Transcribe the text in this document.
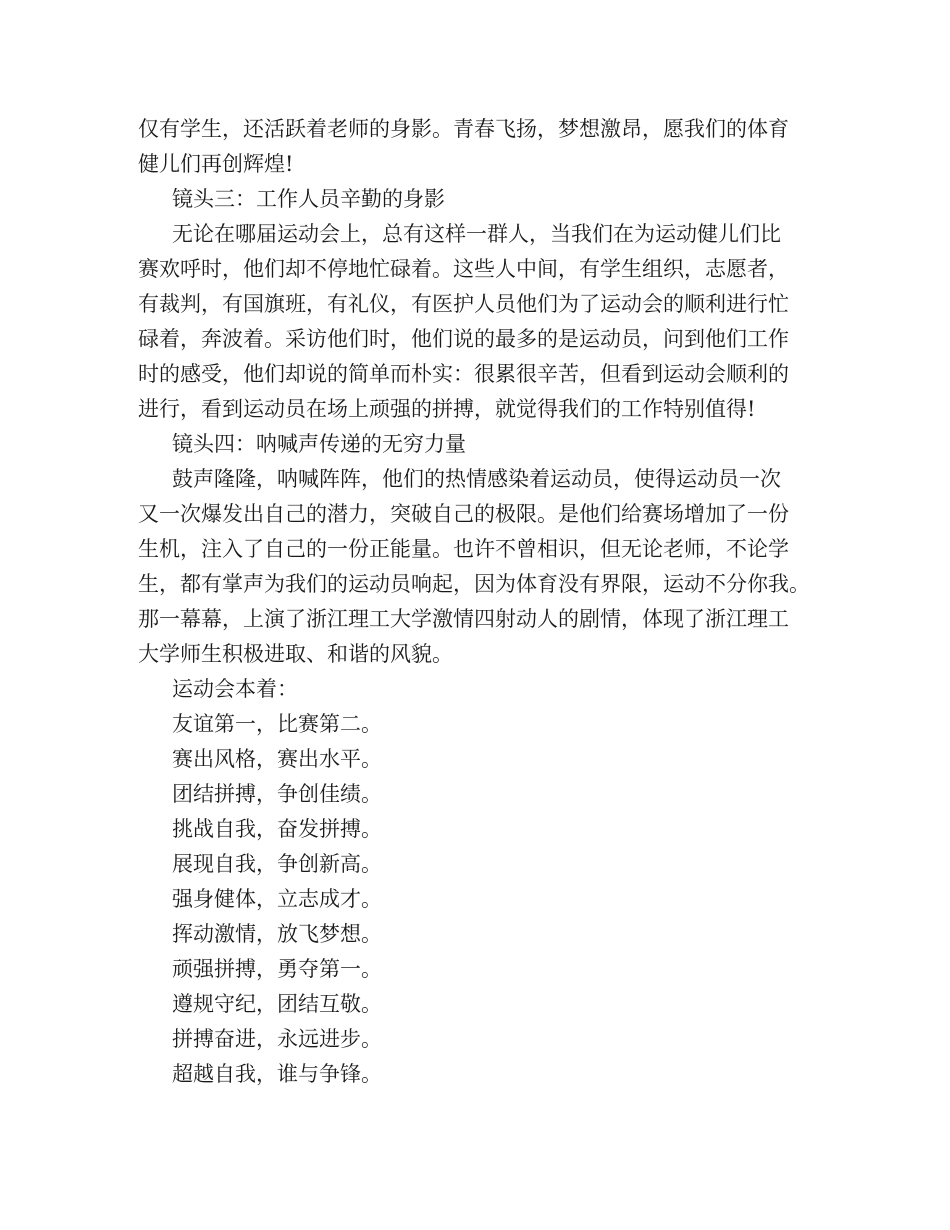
仅有学生，还活跃着老师的身影。青春飞扬，梦想激昂，愿我们的体育
健儿们再创辉煌!
镜头三：工作人员辛勤的身影
无论在哪届运动会上，总有这样一群人，当我们在为运动健儿们比
赛欢呼时，他们却不停地忙碌着。这些人中间，有学生组织，志愿者，
有裁判，有国旗班，有礼仪，有医护人员他们为了运动会的顺利进行忙
碌着，奔波着。采访他们时，他们说的最多的是运动员，问到他们工作
时的感受，他们却说的简单而朴实：很累很辛苦，但看到运动会顺利的
进行，看到运动员在场上顽强的拼搏，就觉得我们的工作特别值得!
镜头四：呐喊声传递的无穷力量
鼓声隆隆，呐喊阵阵，他们的热情感染着运动员，使得运动员一次
又一次爆发出自己的潜力，突破自己的极限。是他们给赛场增加了一份
生机，注入了自己的一份正能量。也许不曾相识，但无论老师，不论学
生，都有掌声为我们的运动员响起，因为体育没有界限，运动不分你我。
那一幕幕，上演了浙江理工大学激情四射动人的剧情，体现了浙江理工
大学师生积极进取、和谐的风貌。
运动会本着：
友谊第一，比赛第二。
赛出风格，赛出水平。
团结拼搏，争创佳绩。
挑战自我，奋发拼搏。
展现自我，争创新高。
强身健体，立志成才。
挥动激情，放飞梦想。
顽强拼搏，勇夺第一。
遵规守纪，团结互敬。
拼搏奋进，永远进步。
超越自我，谁与争锋。
